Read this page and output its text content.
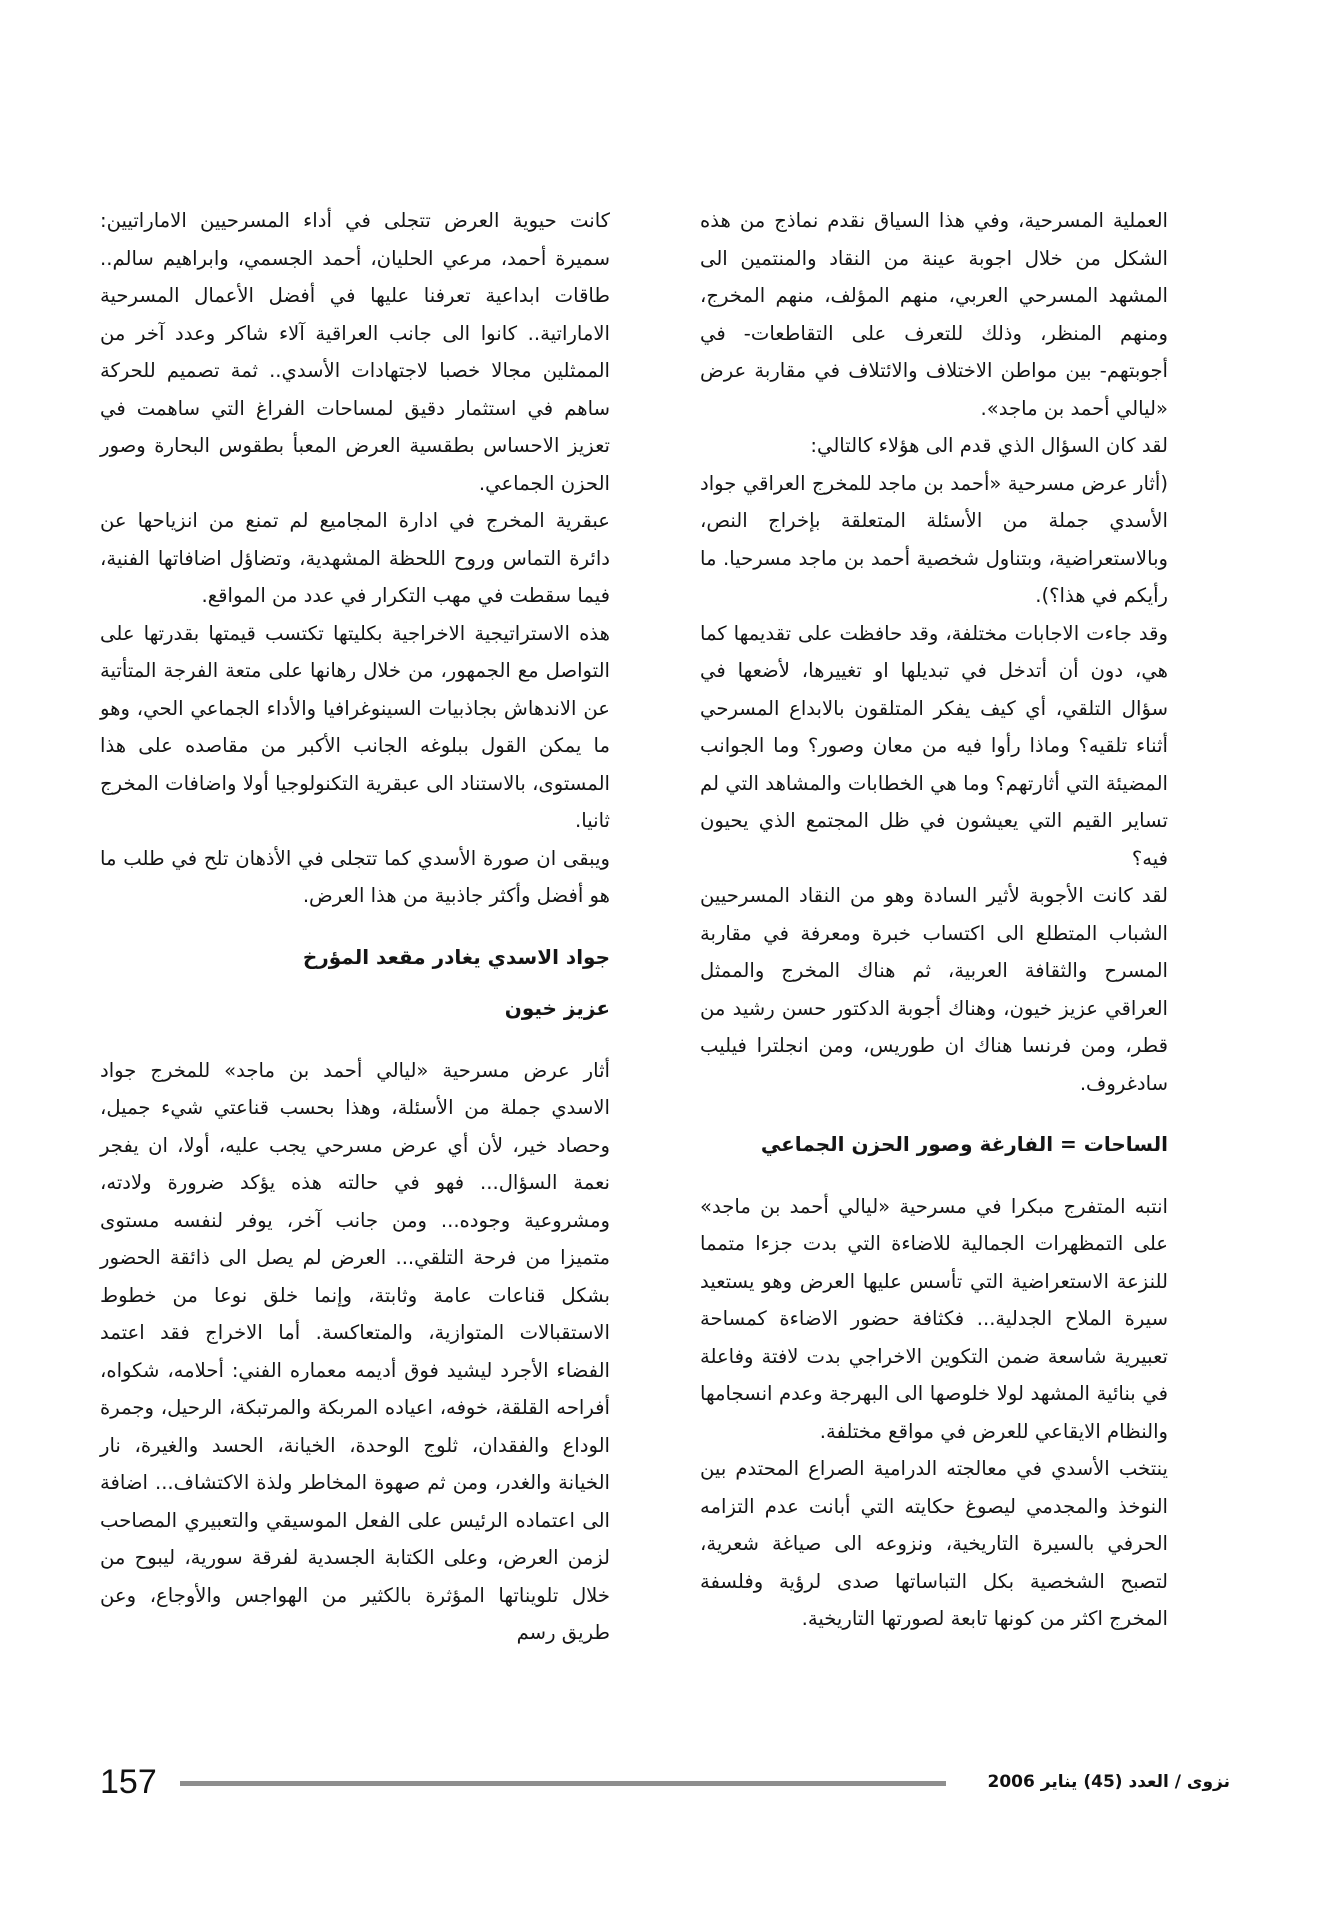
العملية المسرحية، وفي هذا السياق نقدم نماذج من هذه الشكل من خلال اجوبة عينة من النقاد والمنتمين الى المشهد المسرحي العربي، منهم المؤلف، منهم المخرج، ومنهم المنظر، وذلك للتعرف على التقاطعات- في أجوبتهم- بين مواطن الاختلاف والائتلاف في مقاربة عرض «ليالي أحمد بن ماجد».

لقد كان السؤال الذي قدم الى هؤلاء كالتالي:

(أثار عرض مسرحية «أحمد بن ماجد للمخرج العراقي جواد الأسدي جملة من الأسئلة المتعلقة بإخراج النص، وبالاستعراضية، وبتناول شخصية أحمد بن ماجد مسرحيا. ما رأيكم في هذا؟).

وقد جاءت الاجابات مختلفة، وقد حافظت على تقديمها كما هي، دون أن أتدخل في تبديلها او تغييرها، لأضعها في سؤال التلقي، أي كيف يفكر المتلقون بالابداع المسرحي أثناء تلقيه؟ وماذا رأوا فيه من معان وصور؟ وما الجوانب المضيئة التي أثارتهم؟ وما هي الخطابات والمشاهد التي لم تساير القيم التي يعيشون في ظل المجتمع الذي يحيون فيه؟

لقد كانت الأجوبة لأثير السادة وهو من النقاد المسرحيين الشباب المتطلع الى اكتساب خبرة ومعرفة في مقاربة المسرح والثقافة العربية، ثم هناك المخرج والممثل العراقي عزيز خيون، وهناك أجوبة الدكتور حسن رشيد من قطر، ومن فرنسا هناك ان طوريس، ومن انجلترا فيليب سادغروف.

الساحات = الفارغة وصور الحزن الجماعي

انتبه المتفرج مبكرا في مسرحية «ليالي أحمد بن ماجد» على التمظهرات الجمالية للاضاءة التي بدت جزءا متمما للنزعة الاستعراضية التي تأسس عليها العرض وهو يستعيد سيرة الملاح الجدلية... فكثافة حضور الاضاءة كمساحة تعبيرية شاسعة ضمن التكوين الاخراجي بدت لافتة وفاعلة في بنائية المشهد لولا خلوصها الى البهرجة وعدم انسجامها والنظام الايقاعي للعرض في مواقع مختلفة.

ينتخب الأسدي في معالجته الدرامية الصراع المحتدم بين النوخذ والمجدمي ليصوغ حكايته التي أبانت عدم التزامه الحرفي بالسيرة التاريخية، ونزوعه الى صياغة شعرية، لتصبح الشخصية بكل التباساتها صدى لرؤية وفلسفة المخرج اكثر من كونها تابعة لصورتها التاريخية.

كانت حيوية العرض تتجلى في أداء المسرحيين الاماراتيين: سميرة أحمد، مرعي الحليان، أحمد الجسمي، وابراهيم سالم.. طاقات ابداعية تعرفنا عليها في أفضل الأعمال المسرحية الاماراتية.. كانوا الى جانب العراقية آلاء شاكر وعدد آخر من الممثلين مجالا خصبا لاجتهادات الأسدي.. ثمة تصميم للحركة ساهم في استثمار دقيق لمساحات الفراغ التي ساهمت في تعزيز الاحساس بطقسية العرض المعبأ بطقوس البحارة وصور الحزن الجماعي.

عبقرية المخرج في ادارة المجاميع لم تمنع من انزياحها عن دائرة التماس وروح اللحظة المشهدية، وتضاؤل اضافاتها الفنية، فيما سقطت في مهب التكرار في عدد من المواقع.

هذه الاستراتيجية الاخراجية بكليتها تكتسب قيمتها بقدرتها على التواصل مع الجمهور، من خلال رهانها على متعة الفرجة المتأتية عن الاندهاش بجاذبيات السينوغرافيا والأداء الجماعي الحي، وهو ما يمكن القول ببلوغه الجانب الأكبر من مقاصده على هذا المستوى، بالاستناد الى عبقرية التكنولوجيا أولا واضافات المخرج ثانيا.

ويبقى ان صورة الأسدي كما تتجلى في الأذهان تلح في طلب ما هو أفضل وأكثر جاذبية من هذا العرض.

جواد الاسدي يغادر مقعد المؤرخ

عزيز خيون

أثار عرض مسرحية «ليالي أحمد بن ماجد» للمخرج جواد الاسدي جملة من الأسئلة، وهذا بحسب قناعتي شيء جميل، وحصاد خير، لأن أي عرض مسرحي يجب عليه، أولا، ان يفجر نعمة السؤال... فهو في حالته هذه يؤكد ضرورة ولادته، ومشروعية وجوده... ومن جانب آخر، يوفر لنفسه مستوى متميزا من فرحة التلقي... العرض لم يصل الى ذائقة الحضور بشكل قناعات عامة وثابتة، وإنما خلق نوعا من خطوط الاستقبالات المتوازية، والمتعاكسة. أما الاخراج فقد اعتمد الفضاء الأجرد ليشيد فوق أديمه معماره الفني: أحلامه، شكواه، أفراحه القلقة، خوفه، اعياده المربكة والمرتبكة، الرحيل، وجمرة الوداع والفقدان، ثلوج الوحدة، الخيانة، الحسد والغيرة، نار الخيانة والغدر، ومن ثم صهوة المخاطر ولذة الاكتشاف... اضافة الى اعتماده الرئيس على الفعل الموسيقي والتعبيري المصاحب لزمن العرض، وعلى الكتابة الجسدية لفرقة سورية، ليبوح من خلال تلويناتها المؤثرة بالكثير من الهواجس والأوجاع، وعن طريق رسم

157	نزوى / العدد (45) يناير 2006
